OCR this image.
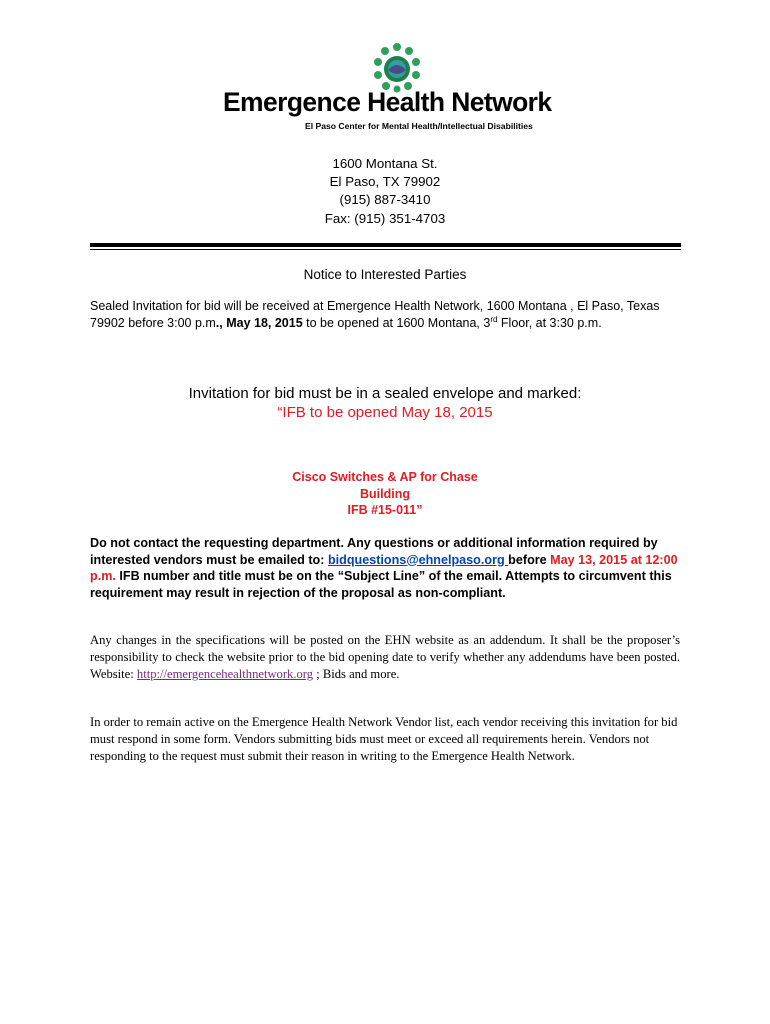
Emergence Health Network
El Paso Center for Mental Health/Intellectual Disabilities
1600 Montana St.
El Paso, TX 79902
(915) 887-3410
Fax: (915) 351-4703
Notice to Interested Parties
Sealed Invitation for bid will be received at Emergence Health Network, 1600 Montana , El Paso, Texas 79902 before 3:00 p.m., May 18, 2015 to be opened at 1600 Montana, 3rd Floor, at 3:30 p.m.
Invitation for bid must be in a sealed envelope and marked:
“IFB to be opened May 18, 2015
Cisco Switches & AP for Chase
Building
IFB #15-011”
Do not contact the requesting department. Any questions or additional information required by interested vendors must be emailed to: bidquestions@ehnelpaso.org before May 13, 2015 at 12:00 p.m. IFB number and title must be on the “Subject Line” of the email. Attempts to circumvent this requirement may result in rejection of the proposal as non-compliant.
Any changes in the specifications will be posted on the EHN website as an addendum. It shall be the proposer’s responsibility to check the website prior to the bid opening date to verify whether any addendums have been posted. Website: http://emergencehealthnetwork.org ; Bids and more.
In order to remain active on the Emergence Health Network Vendor list, each vendor receiving this invitation for bid must respond in some form. Vendors submitting bids must meet or exceed all requirements herein. Vendors not responding to the request must submit their reason in writing to the Emergence Health Network.
